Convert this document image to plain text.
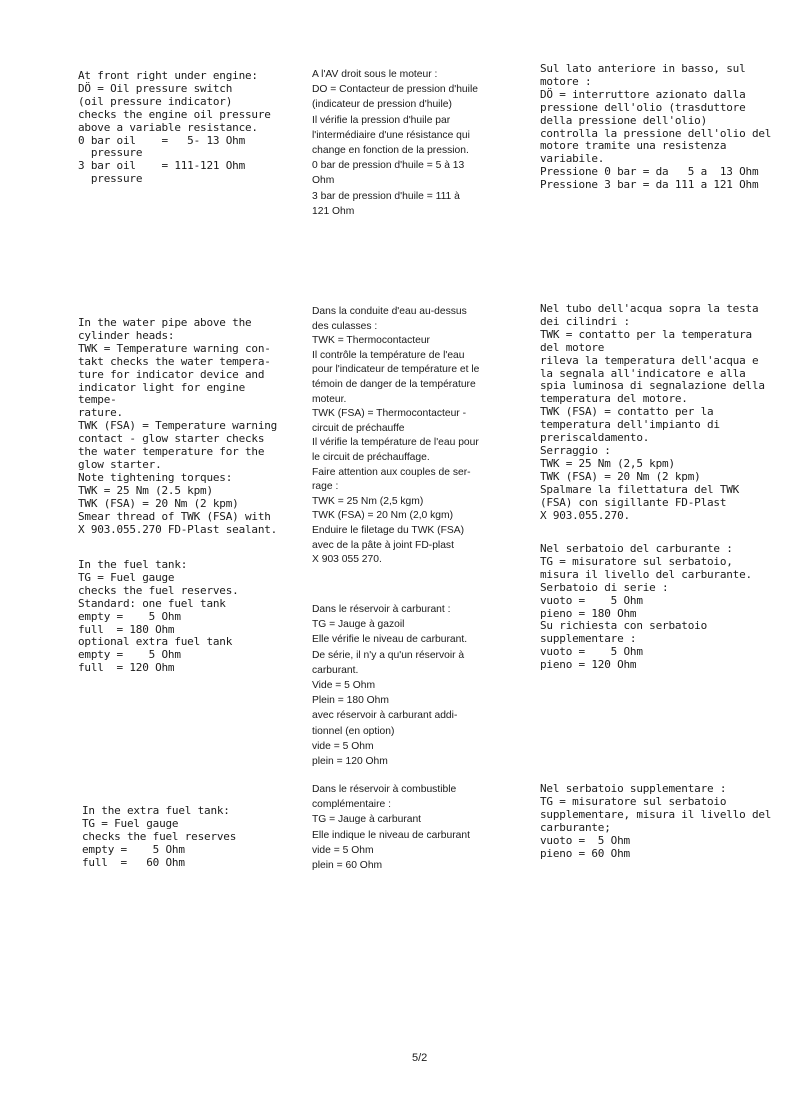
At front right under engine:
DÖ = Oil pressure switch
(oil pressure indicator)
checks the engine oil pressure
above a variable resistance.
0 bar oil    =   5- 13 Ohm
pressure
3 bar oil    = 111-121 Ohm
pressure
A l'AV droit sous le moteur :
DO = Contacteur de pression d'huile
(indicateur de pression d'huile)
Il vérifie la pression d'huile par
l'intermédiaire d'une résistance qui
change en fonction de la pression.
0 bar de pression d'huile = 5 à 13
Ohm
3 bar de pression d'huile = 111 à
121 Ohm
Sul lato anteriore in basso, sul
motore :
DÖ = interruttore azionato dalla
pressione dell'olio (trasduttore
della pressione dell'olio)
controlla la pressione dell'olio del
motore tramite una resistenza
variabile.
Pressione 0 bar = da   5 a  13 Ohm
Pressione 3 bar = da 111 a 121 Ohm
In the water pipe above the
cylinder heads:
TWK = Temperature warning con-
takt checks the water tempera-
ture for indicator device and
indicator light for engine tempe-
rature.
TWK (FSA) = Temperature warning
contact - glow starter checks
the water temperature for the
glow starter.
Note tightening torques:
TWK = 25 Nm (2.5 kpm)
TWK (FSA) = 20 Nm (2 kpm)
Smear thread of TWK (FSA) with
X 903.055.270 FD-Plast sealant.
Dans la conduite d'eau au-dessus
des culasses :
TWK = Thermocontacteur
Il contrôle la température de l'eau
pour l'indicateur de température et le
témoin de danger de la température
moteur.
TWK (FSA) = Thermocontacteur -
circuit de préchauffe
Il vérifie la température de l'eau pour
le circuit de préchauffage.
Faire attention aux couples de ser-
rage :
TWK = 25 Nm (2,5 kgm)
TWK (FSA) = 20 Nm (2,0 kgm)
Enduire le filetage du TWK (FSA)
avec de la pâte à joint FD-plast
X 903 055 270.
Nel tubo dell'acqua sopra la testa
dei cilindri :
TWK = contatto per la temperatura
del motore
rileva la temperatura dell'acqua e
la segnala all'indicatore e alla
spia luminosa di segnalazione della
temperatura del motore.
TWK (FSA) = contatto per la
temperatura dell'impianto di
preriscaldamento.
Serraggio :
TWK = 25 Nm (2,5 kpm)
TWK (FSA) = 20 Nm (2 kpm)
Spalmare la filettatura del TWK
(FSA) con sigillante FD-Plast
X 903.055.270.
In the fuel tank:
TG = Fuel gauge
checks the fuel reserves.
Standard: one fuel tank
empty =    5 Ohm
full  = 180 Ohm
optional extra fuel tank
empty =    5 Ohm
full  = 120 Ohm
Dans le réservoir à carburant :
TG = Jauge à gazoil
Elle vérifie le niveau de carburant.
De série, il n'y a qu'un réservoir à
carburant.
Vide = 5 Ohm
Plein = 180 Ohm
avec réservoir à carburant addi-
tionnel (en option)
vide = 5 Ohm
plein = 120 Ohm
Nel serbatoio del carburante :
TG = misuratore sul serbatoio,
misura il livello del carburante.
Serbatoio di serie :
vuoto =    5 Ohm
pieno = 180 Ohm
Su richiesta con serbatoio
supplementare :
vuoto =    5 Ohm
pieno = 120 Ohm
In the extra fuel tank:
TG = Fuel gauge
checks the fuel reserves
empty =    5 Ohm
full  =   60 Ohm
Dans le réservoir à combustible
complémentaire :
TG = Jauge à carburant
Elle indique le niveau de carburant
vide = 5 Ohm
plein = 60 Ohm
Nel serbatoio supplementare :
TG = misuratore sul serbatoio
supplementare, misura il livello del
carburante;
vuoto =  5 Ohm
pieno = 60 Ohm
5/2
